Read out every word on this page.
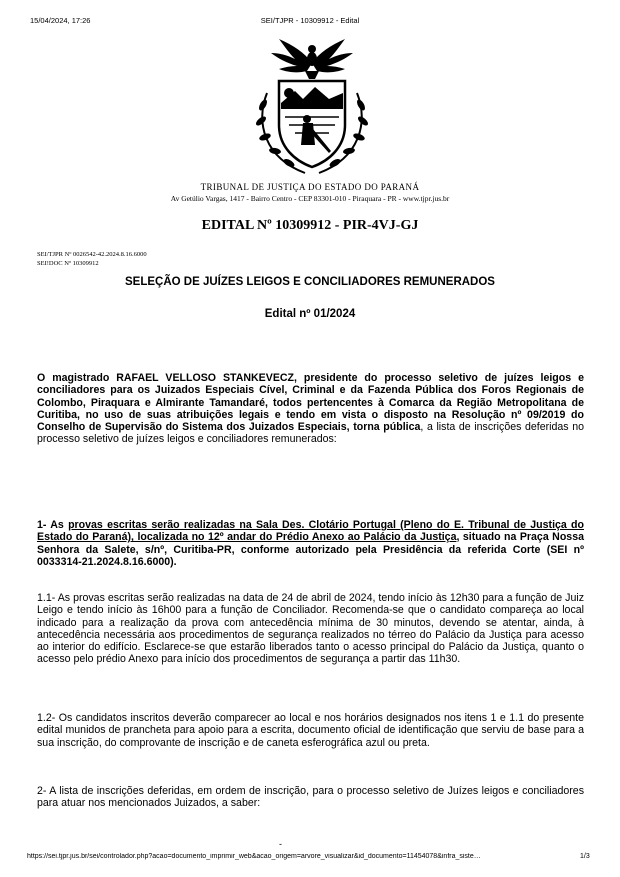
15/04/2024, 17:26	SEI/TJPR - 10309912 - Edital
TRIBUNAL DE JUSTIÇA DO ESTADO DO PARANÁ
Av Getúlio Vargas, 1417 - Bairro Centro - CEP 83301-010 - Piraquara - PR - www.tjpr.jus.br
EDITAL Nº 10309912 - PIR-4VJ-GJ
SEI/TJPR Nº 0026542-42.2024.8.16.6000
SEI!DOC Nº 10309912
SELEÇÃO DE JUÍZES LEIGOS E CONCILIADORES REMUNERADOS
Edital nº 01/2024
O magistrado RAFAEL VELLOSO STANKEVECZ, presidente do processo seletivo de juízes leigos e conciliadores para os Juizados Especiais Cível, Criminal e da Fazenda Pública dos Foros Regionais de Colombo, Piraquara e Almirante Tamandaré, todos pertencentes à Comarca da Região Metropolitana de Curitiba, no uso de suas atribuições legais e tendo em vista o disposto na Resolução nº 09/2019 do Conselho de Supervisão do Sistema dos Juizados Especiais, torna pública, a lista de inscrições deferidas no processo seletivo de juízes leigos e conciliadores remunerados:
1- As provas escritas serão realizadas na Sala Des. Clotário Portugal (Pleno do E. Tribunal de Justiça do Estado do Paraná), localizada no 12º andar do Prédio Anexo ao Palácio da Justiça, situado na Praça Nossa Senhora da Salete, s/nº, Curitiba-PR, conforme autorizado pela Presidência da referida Corte (SEI nº 0033314-21.2024.8.16.6000).
1.1- As provas escritas serão realizadas na data de 24 de abril de 2024, tendo início às 12h30 para a função de Juiz Leigo e tendo início às 16h00 para a função de Conciliador. Recomenda-se que o candidato compareça ao local indicado para a realização da prova com antecedência mínima de 30 minutos, devendo se atentar, ainda, à antecedência necessária aos procedimentos de segurança realizados no térreo do Palácio da Justiça para acesso ao interior do edifício. Esclarece-se que estarão liberados tanto o acesso principal do Palácio da Justiça, quanto o acesso pelo prédio Anexo para início dos procedimentos de segurança a partir das 11h30.
1.2- Os candidatos inscritos deverão comparecer ao local e nos horários designados nos itens 1 e 1.1 do presente edital munidos de prancheta para apoio para a escrita, documento oficial de identificação que serviu de base para a sua inscrição, do comprovante de inscrição e de caneta esferográfica azul ou preta.
2- A lista de inscrições deferidas, em ordem de inscrição, para o processo seletivo de Juízes leigos e conciliadores para atuar nos mencionados Juizados, a saber:
-
https://sei.tjpr.jus.br/sei/controlador.php?acao=documento_imprimir_web&acao_origem=arvore_visualizar&id_documento=11454078&infra_siste…	1/3
